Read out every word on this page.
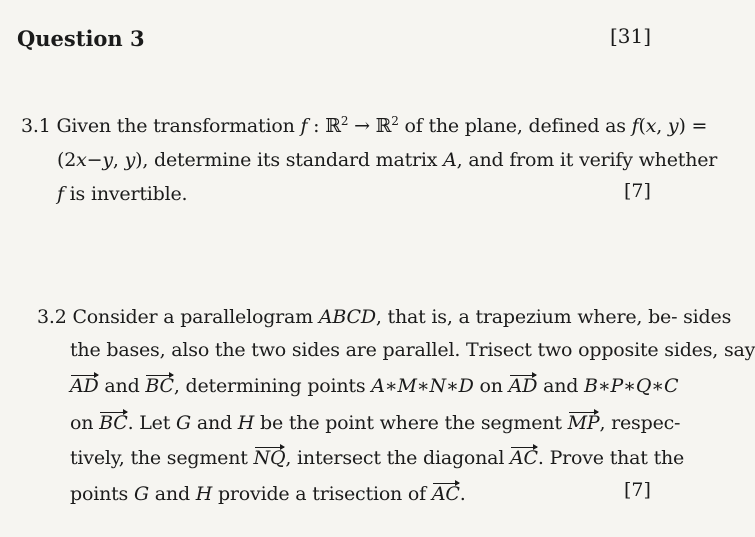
Question 3	[31]
3.1 Given the transformation f : ℝ$^2$ → ℝ$^2$ of the plane, defined as f(x, y) =
(2x−y, y), determine its standard matrix A, and from it verify whether
f is invertible.	[7]
3.2 Consider a parallelogram ABCD, that is, a trapezium where, be- sides
the bases, also the two sides are parallel. Trisect two opposite sides, say
AD and BC, determining points A∗M∗N∗D on AD and B∗P∗Q∗C
on BC. Let G and H be the point where the segment MP, respec-
tively, the segment NQ, intersect the diagonal AC. Prove that the
points G and H provide a trisection of AC.	[7]
